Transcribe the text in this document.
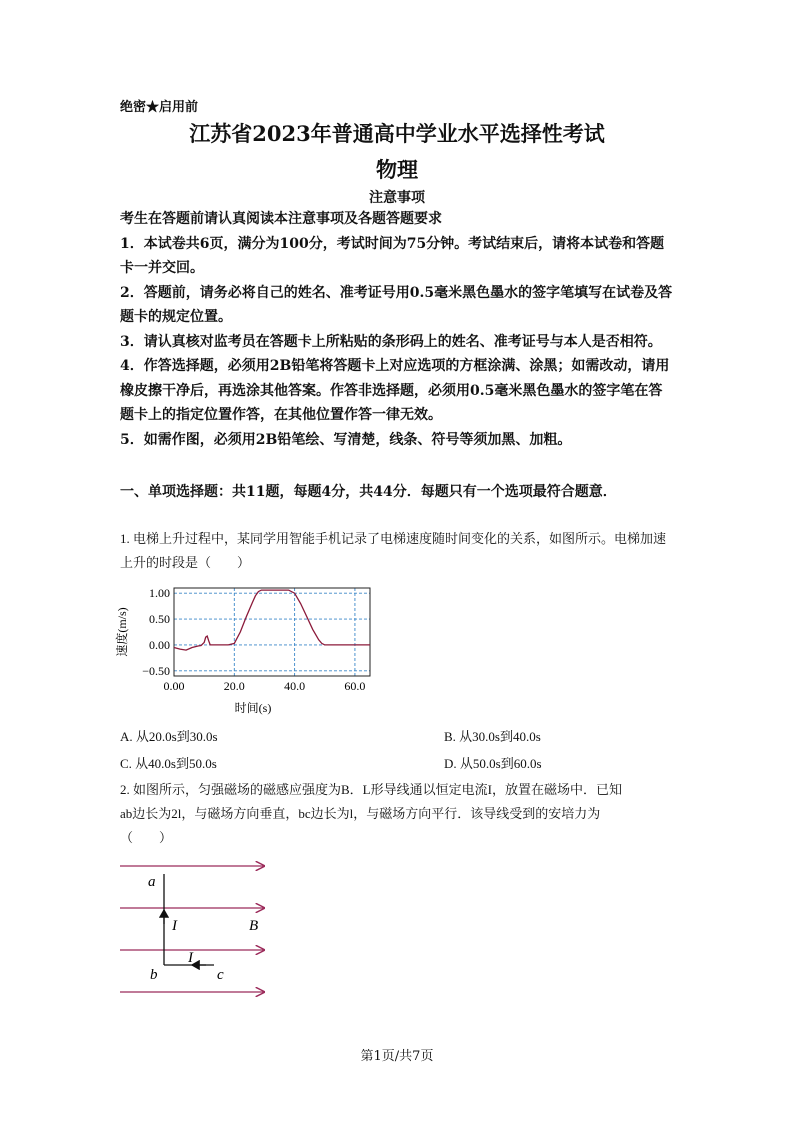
绝密★启用前
江苏省2023年普通高中学业水平选择性考试
物理
注意事项

考生在答题前请认真阅读本注意事项及各题答题要求

1．本试卷共6页，满分为100分，考试时间为75分钟。考试结束后，请将本试卷和答题卡一并交回。

2．答题前，请务必将自己的姓名、准考证号用0.5毫米黑色墨水的签字笔填写在试卷及答题卡的规定位置。

3．请认真核对监考员在答题卡上所粘贴的条形码上的姓名、准考证号与本人是否相符。

4．作答选择题，必须用2B铅笔将答题卡上对应选项的方框涂满、涂黑；如需改动，请用橡皮擦干净后，再选涂其他答案。作答非选择题，必须用0.5毫米黑色墨水的签字笔在答题卡上的指定位置作答，在其他位置作答一律无效。

5．如需作图，必须用2B铅笔绘、写清楚，线条、符号等须加黑、加粗。

一、单项选择题：共11题，每题4分，共44分．每题只有一个选项最符合题意．
1. 电梯上升过程中，某同学用智能手机记录了电梯速度随时间变化的关系，如图所示。电梯加速上升的时段是（　　）
0.00	20.0	40.0	60.0
1.00
0.50
0.00
−0.50
速度(m/s)
时间(s)
A. 从20.0s到30.0s	B. 从30.0s到40.0s
C. 从40.0s到50.0s	D. 从50.0s到60.0s
2. 如图所示，匀强磁场的磁感应强度为B．L形导线通以恒定电流I，放置在磁场中．已知
ab边长为2l，与磁场方向垂直，bc边长为l，与磁场方向平行．该导线受到的安培力为
（　　）
a
b	c
I
I
B
第1页/共7页
